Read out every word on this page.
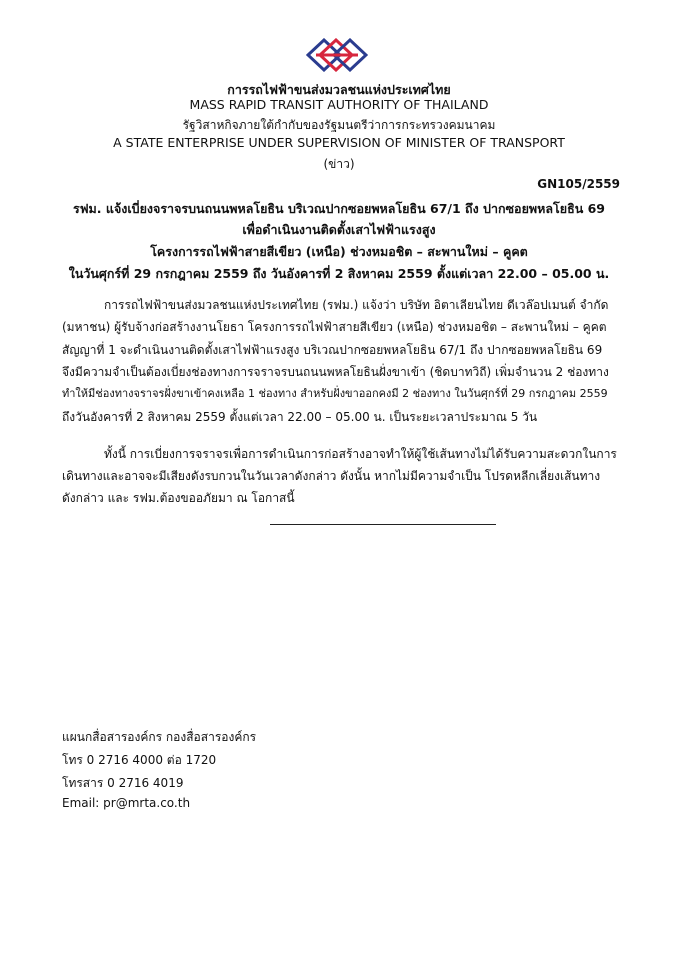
การรถไฟฟ้าขนส่งมวลชนแห่งประเทศไทย
MASS RAPID TRANSIT AUTHORITY OF THAILAND
รัฐวิสาหกิจภายใต้กำกับของรัฐมนตรีว่าการกระทรวงคมนาคม
A STATE ENTERPRISE UNDER SUPERVISION OF MINISTER OF TRANSPORT
(ข่าว)
GN105/2559
รฟม. แจ้งเบี่ยงจราจรบนถนนพหลโยธิน บริเวณปากซอยพหลโยธิน 67/1 ถึง ปากซอยพหลโยธิน 69
เพื่อดำเนินงานติดตั้งเสาไฟฟ้าแรงสูง
โครงการรถไฟฟ้าสายสีเขียว (เหนือ) ช่วงหมอชิต – สะพานใหม่ – คูคต
ในวันศุกร์ที่ 29 กรกฎาคม 2559 ถึง วันอังคารที่ 2 สิงหาคม 2559 ตั้งแต่เวลา 22.00 – 05.00 น.
การรถไฟฟ้าขนส่งมวลชนแห่งประเทศไทย (รฟม.) แจ้งว่า บริษัท อิตาเลียนไทย ดีเวล๊อปเมนต์ จำกัด
(มหาชน) ผู้รับจ้างก่อสร้างงานโยธา โครงการรถไฟฟ้าสายสีเขียว (เหนือ) ช่วงหมอชิต – สะพานใหม่ – คูคต
สัญญาที่ 1 จะดำเนินงานติดตั้งเสาไฟฟ้าแรงสูง บริเวณปากซอยพหลโยธิน 67/1 ถึง ปากซอยพหลโยธิน 69
จึงมีความจำเป็นต้องเบี่ยงช่องทางการจราจรบนถนนพหลโยธินฝั่งขาเข้า (ชิดบาทวิถี) เพิ่มจำนวน 2 ช่องทาง
ทำให้มีช่องทางจราจรฝั่งขาเข้าคงเหลือ 1 ช่องทาง สำหรับฝั่งขาออกคงมี 2 ช่องทาง ในวันศุกร์ที่ 29 กรกฎาคม 2559
ถึงวันอังคารที่ 2 สิงหาคม 2559 ตั้งแต่เวลา 22.00 – 05.00 น. เป็นระยะเวลาประมาณ 5 วัน
ทั้งนี้ การเบี่ยงการจราจรเพื่อการดำเนินการก่อสร้างอาจทำให้ผู้ใช้เส้นทางไม่ได้รับความสะดวกในการ
เดินทางและอาจจะมีเสียงดังรบกวนในวันเวลาดังกล่าว ดังนั้น หากไม่มีความจำเป็น โปรดหลีกเลี่ยงเส้นทาง
ดังกล่าว และ รฟม.ต้องขออภัยมา ณ โอกาสนี้
แผนกสื่อสารองค์กร กองสื่อสารองค์กร
โทร 0 2716 4000 ต่อ 1720
โทรสาร 0 2716 4019
Email: pr@mrta.co.th
